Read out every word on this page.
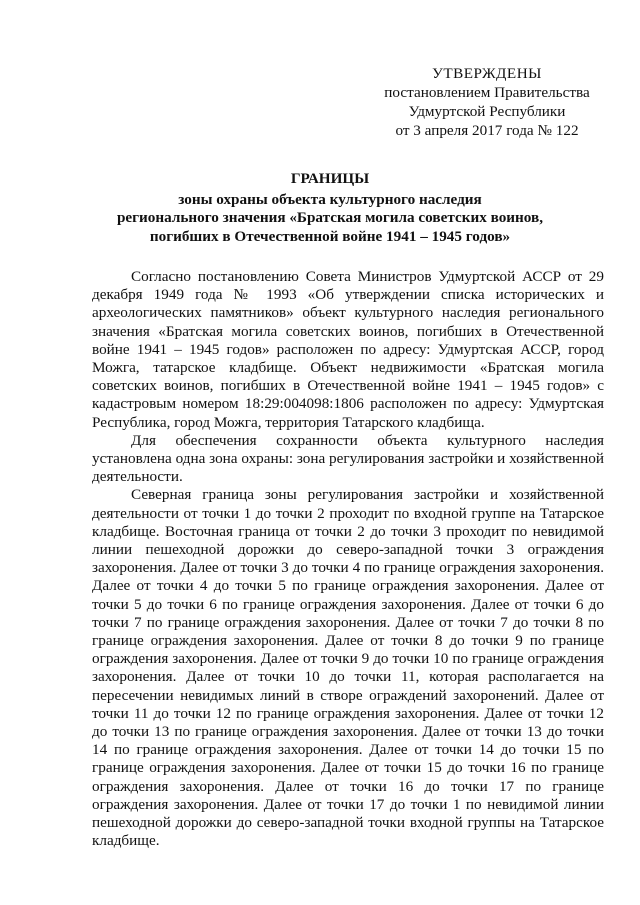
УТВЕРЖДЕНЫ
постановлением Правительства
Удмуртской Республики
от 3 апреля 2017 года № 122
ГРАНИЦЫ
зоны охраны объекта культурного наследия
регионального значения «Братская могила советских воинов,
погибших в Отечественной войне 1941 – 1945 годов»

Согласно постановлению Совета Министров Удмуртской АССР от 29 декабря 1949 года № 1993 «Об утверждении списка исторических и археологических памятников» объект культурного наследия регионального значения «Братская могила советских воинов, погибших в Отечественной войне 1941 – 1945 годов» расположен по адресу: Удмуртская АССР, город Можга, татарское кладбище. Объект недвижимости «Братская могила советских воинов, погибших в Отечественной войне 1941 – 1945 годов» с кадастровым номером 18:29:004098:1806 расположен по адресу: Удмуртская Республика, город Можга, территория Татарского кладбища.

Для обеспечения сохранности объекта культурного наследия установлена одна зона охраны: зона регулирования застройки и хозяйственной деятельности.

Северная граница зоны регулирования застройки и хозяйственной деятельности от точки 1 до точки 2 проходит по входной группе на Татарское кладбище. Восточная граница от точки 2 до точки 3 проходит по невидимой линии пешеходной дорожки до северо-западной точки 3 ограждения захоронения. Далее от точки 3 до точки 4 по границе ограждения захоронения. Далее от точки 4 до точки 5 по границе ограждения захоронения. Далее от точки 5 до точки 6 по границе ограждения захоронения. Далее от точки 6 до точки 7 по границе ограждения захоронения. Далее от точки 7 до точки 8 по границе ограждения захоронения. Далее от точки 8 до точки 9 по границе ограждения захоронения. Далее от точки 9 до точки 10 по границе ограждения захоронения. Далее от точки 10 до точки 11, которая располагается на пересечении невидимых линий в створе ограждений захоронений. Далее от точки 11 до точки 12 по границе ограждения захоронения. Далее от точки 12 до точки 13 по границе ограждения захоронения. Далее от точки 13 до точки 14 по границе ограждения захоронения. Далее от точки 14 до точки 15 по границе ограждения захоронения. Далее от точки 15 до точки 16 по границе ограждения захоронения. Далее от точки 16 до точки 17 по границе ограждения захоронения. Далее от точки 17 до точки 1 по невидимой линии пешеходной дорожки до северо-западной точки входной группы на Татарское кладбище.
